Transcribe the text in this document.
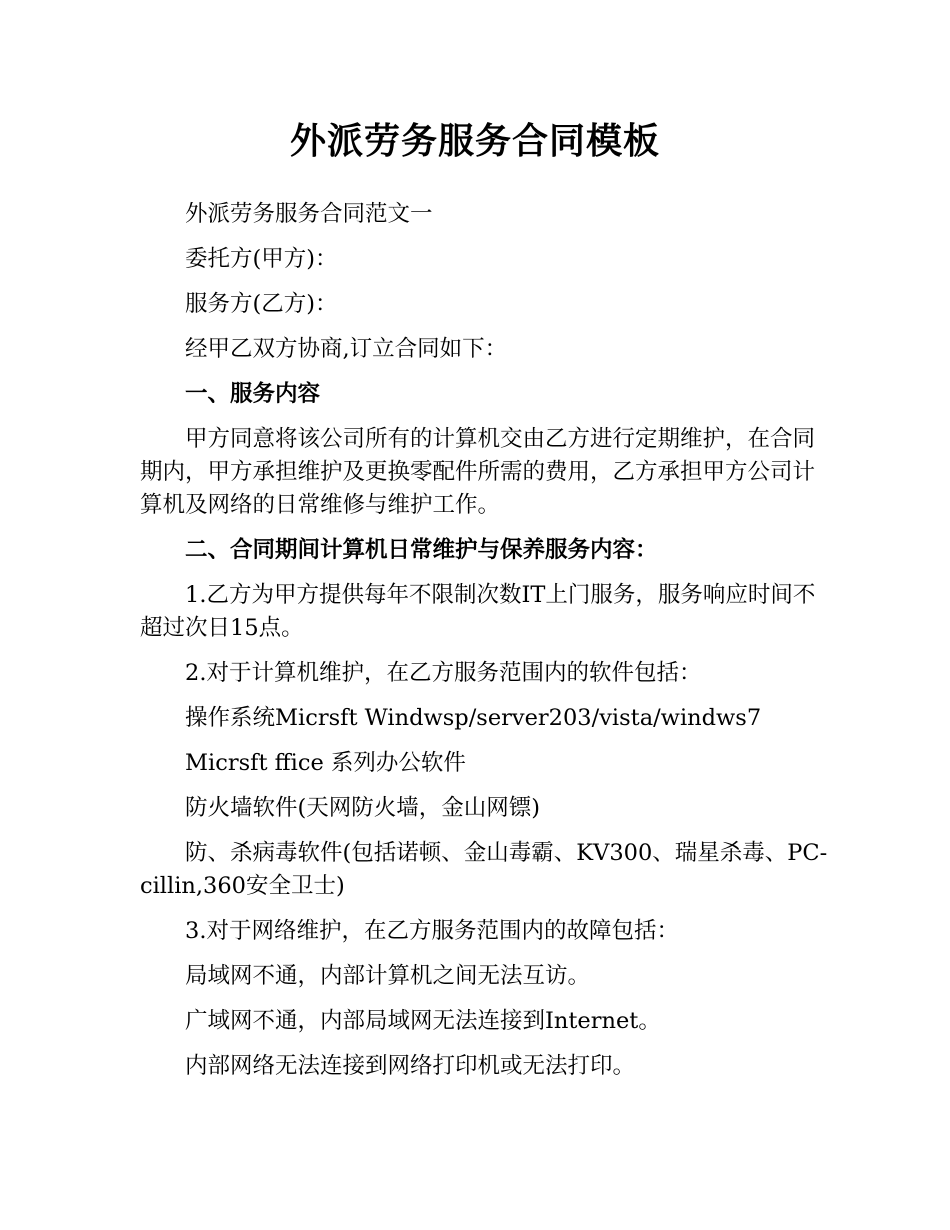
外派劳务服务合同模板

外派劳务服务合同范文一

委托方(甲方)：

服务方(乙方)：

经甲乙双方协商,订立合同如下：

一、服务内容

甲方同意将该公司所有的计算机交由乙方进行定期维护，在合同期内，甲方承担维护及更换零配件所需的费用，乙方承担甲方公司计算机及网络的日常维修与维护工作。

二、合同期间计算机日常维护与保养服务内容：

1.乙方为甲方提供每年不限制次数IT上门服务，服务响应时间不超过次日15点。

2.对于计算机维护，在乙方服务范围内的软件包括：

操作系统Micrsft Windwsp/server203/vista/windws7

Micrsft ffice 系列办公软件

防火墙软件(天网防火墙，金山网镖)

防、杀病毒软件(包括诺顿、金山毒霸、KV300、瑞星杀毒、PC-cillin,360安全卫士)

3.对于网络维护，在乙方服务范围内的故障包括：

局域网不通，内部计算机之间无法互访。

广域网不通，内部局域网无法连接到Internet。

内部网络无法连接到网络打印机或无法打印。
